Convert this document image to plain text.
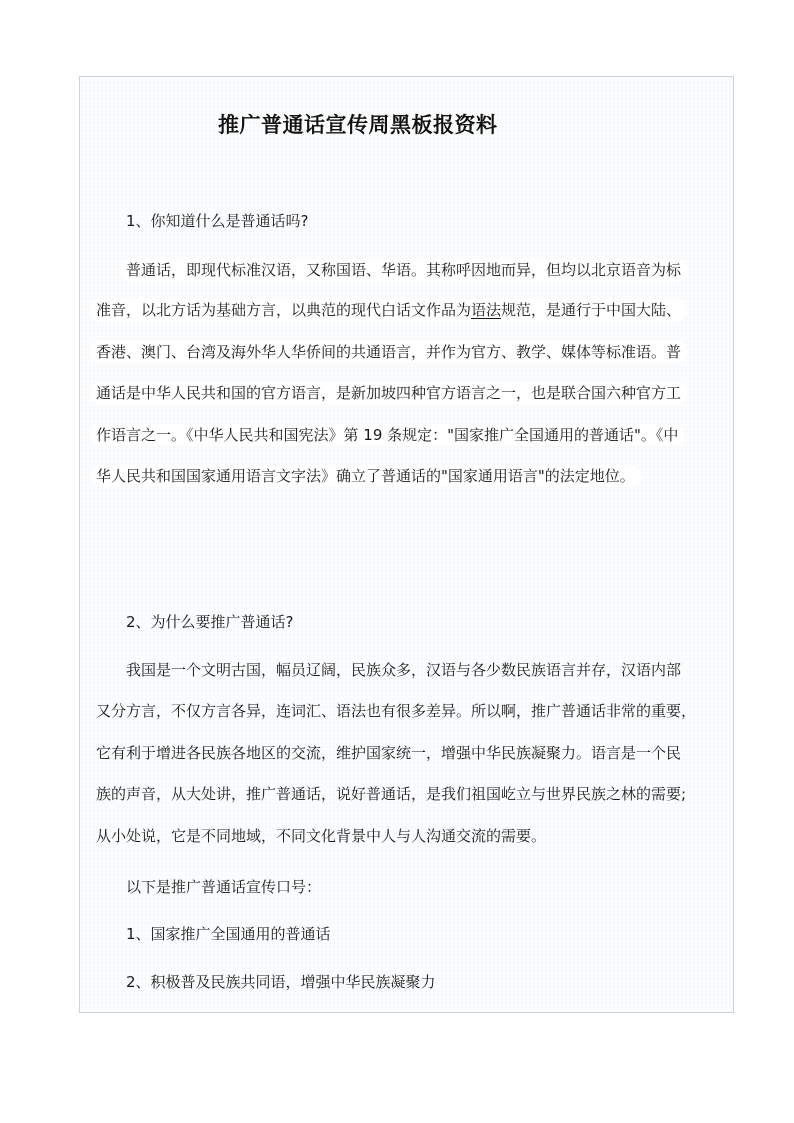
推广普通话宣传周黑板报资料
1、你知道什么是普通话吗?
普通话，即现代标准汉语，又称国语、华语。其称呼因地而异，但均以北京语音为标
准音，以北方话为基础方言，以典范的现代白话文作品为语法规范，是通行于中国大陆、
香港、澳门、台湾及海外华人华侨间的共通语言，并作为官方、教学、媒体等标准语。普
通话是中华人民共和国的官方语言，是新加坡四种官方语言之一，也是联合国六种官方工
作语言之一。《中华人民共和国宪法》第 19 条规定："国家推广全国通用的普通话"。《中
华人民共和国国家通用语言文字法》确立了普通话的"国家通用语言"的法定地位。
2、为什么要推广普通话?
我国是一个文明古国，幅员辽阔，民族众多，汉语与各少数民族语言并存，汉语内部
又分方言，不仅方言各异，连词汇、语法也有很多差异。所以啊，推广普通话非常的重要，
它有利于增进各民族各地区的交流，维护国家统一，增强中华民族凝聚力。语言是一个民
族的声音，从大处讲，推广普通话，说好普通话，是我们祖国屹立与世界民族之林的需要;
从小处说，它是不同地域，不同文化背景中人与人沟通交流的需要。
以下是推广普通话宣传口号：
1、国家推广全国通用的普通话
2、积极普及民族共同语，增强中华民族凝聚力
